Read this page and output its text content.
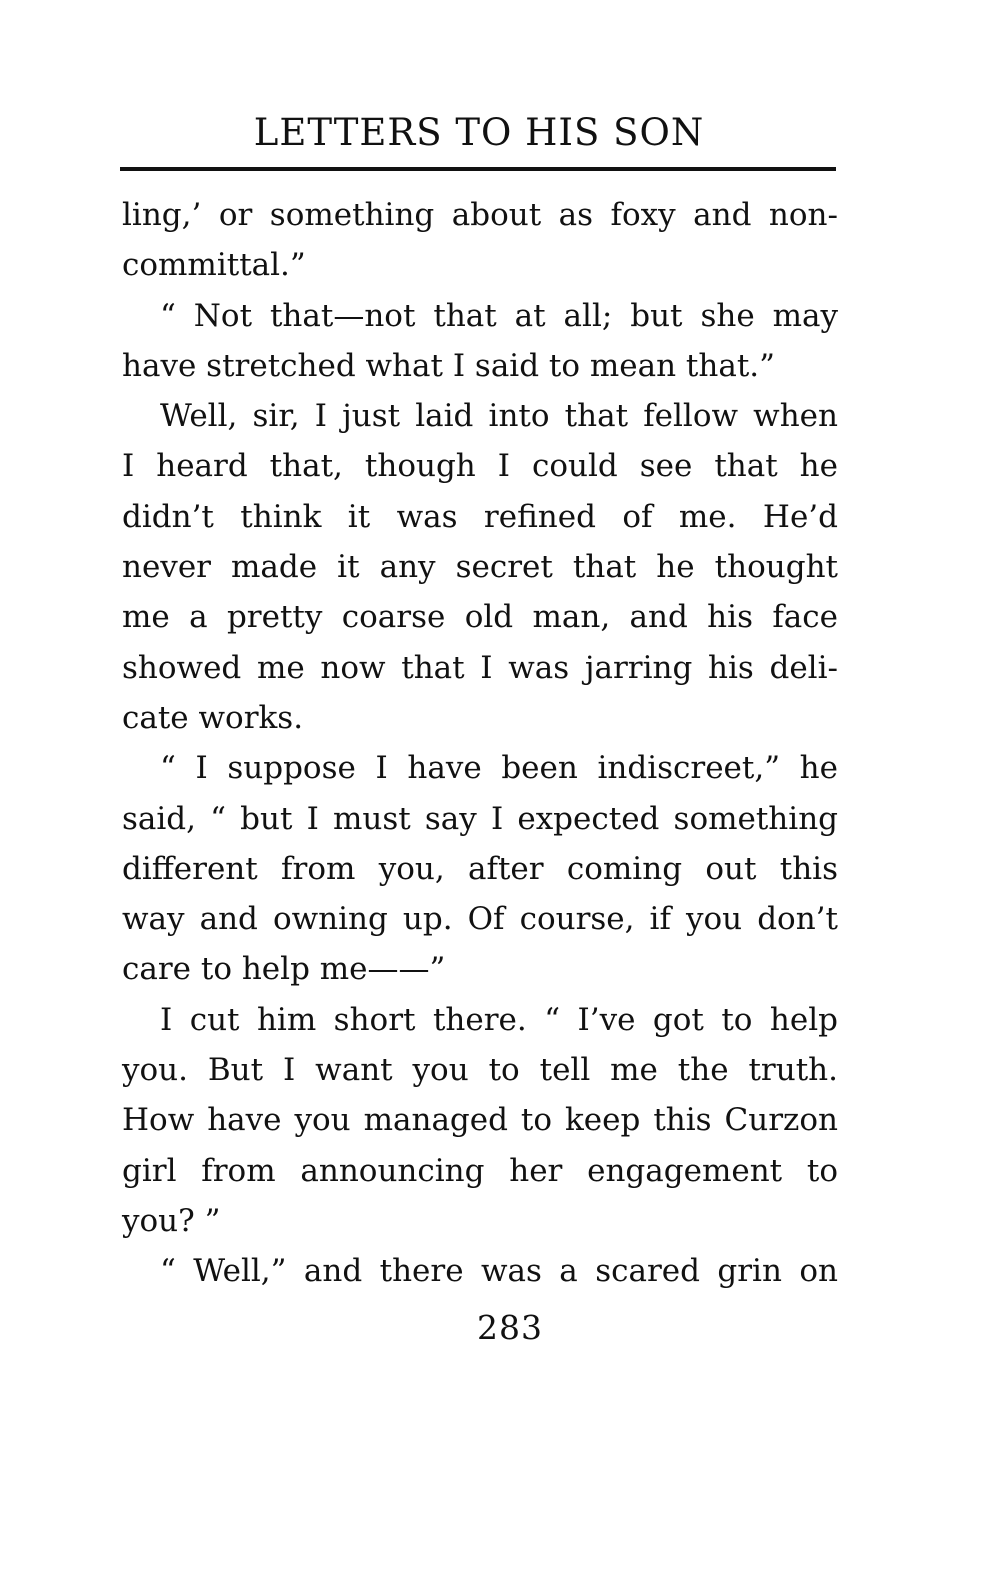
LETTERS TO HIS SON
ling,’ or something about as foxy and non-
committal.”
“ Not that—not that at all; but she may
have stretched what I said to mean that.”
Well, sir, I just laid into that fellow when
I heard that, though I could see that he
didn’t think it was refined of me. He’d
never made it any secret that he thought
me a pretty coarse old man, and his face
showed me now that I was jarring his deli-
cate works.
“ I suppose I have been indiscreet,” he
said, “ but I must say I expected something
different from you, after coming out this
way and owning up. Of course, if you don’t
care to help me——”
I cut him short there. “ I’ve got to help
you. But I want you to tell me the truth.
How have you managed to keep this Curzon
girl from announcing her engagement to
you? ”
“ Well,” and there was a scared grin on
283
